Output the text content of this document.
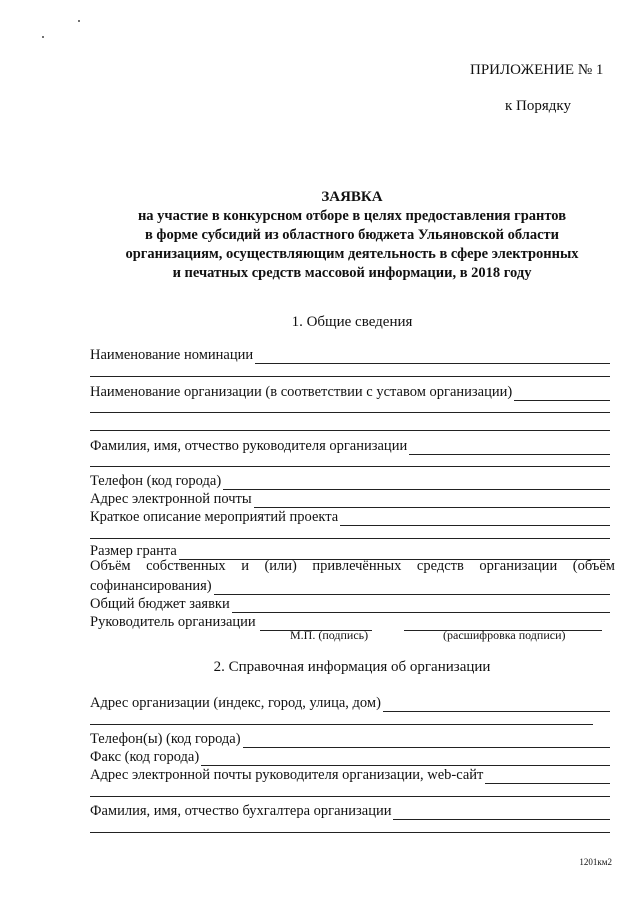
ПРИЛОЖЕНИЕ № 1
к Порядку
ЗАЯВКА
на участие в конкурсном отборе в целях предоставления грантов
в форме субсидий из областного бюджета Ульяновской области
организациям, осуществляющим деятельность в сфере электронных
и печатных средств массовой информации, в 2018 году
1. Общие сведения
Наименование номинации
Наименование организации (в соответствии с уставом организации)
Фамилия, имя, отчество руководителя организации
Телефон (код города)
Адрес электронной почты
Краткое описание мероприятий проекта
Размер гранта
Объём собственных и (или) привлечённых средств организации (объём
софинансирования)
Общий бюджет заявки
Руководитель организации
М.П. (подпись)	(расшифровка подписи)
2. Справочная информация об организации
Адрес организации (индекс, город, улица, дом)
Телефон(ы) (код города)
Факс (код города)
Адрес электронной почты руководителя организации, web-сайт
Фамилия, имя, отчество бухгалтера организации
1201км2
